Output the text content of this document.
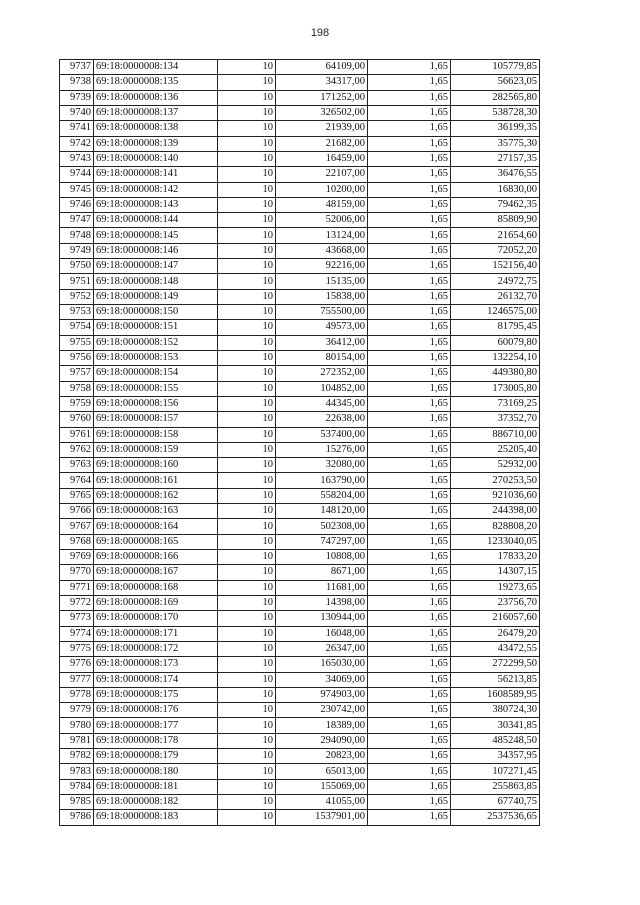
198
9737	69:18:0000008:134	10	64109,00	1,65	105779,85
9738	69:18:0000008:135	10	34317,00	1,65	56623,05
9739	69:18:0000008:136	10	171252,00	1,65	282565,80
9740	69:18:0000008:137	10	326502,00	1,65	538728,30
9741	69:18:0000008:138	10	21939,00	1,65	36199,35
9742	69:18:0000008:139	10	21682,00	1,65	35775,30
9743	69:18:0000008:140	10	16459,00	1,65	27157,35
9744	69:18:0000008:141	10	22107,00	1,65	36476,55
9745	69:18:0000008:142	10	10200,00	1,65	16830,00
9746	69:18:0000008:143	10	48159,00	1,65	79462,35
9747	69:18:0000008:144	10	52006,00	1,65	85809,90
9748	69:18:0000008:145	10	13124,00	1,65	21654,60
9749	69:18:0000008:146	10	43668,00	1,65	72052,20
9750	69:18:0000008:147	10	92216,00	1,65	152156,40
9751	69:18:0000008:148	10	15135,00	1,65	24972,75
9752	69:18:0000008:149	10	15838,00	1,65	26132,70
9753	69:18:0000008:150	10	755500,00	1,65	1246575,00
9754	69:18:0000008:151	10	49573,00	1,65	81795,45
9755	69:18:0000008:152	10	36412,00	1,65	60079,80
9756	69:18:0000008:153	10	80154,00	1,65	132254,10
9757	69:18:0000008:154	10	272352,00	1,65	449380,80
9758	69:18:0000008:155	10	104852,00	1,65	173005,80
9759	69:18:0000008:156	10	44345,00	1,65	73169,25
9760	69:18:0000008:157	10	22638,00	1,65	37352,70
9761	69:18:0000008:158	10	537400,00	1,65	886710,00
9762	69:18:0000008:159	10	15276,00	1,65	25205,40
9763	69:18:0000008:160	10	32080,00	1,65	52932,00
9764	69:18:0000008:161	10	163790,00	1,65	270253,50
9765	69:18:0000008:162	10	558204,00	1,65	921036,60
9766	69:18:0000008:163	10	148120,00	1,65	244398,00
9767	69:18:0000008:164	10	502308,00	1,65	828808,20
9768	69:18:0000008:165	10	747297,00	1,65	1233040,05
9769	69:18:0000008:166	10	10808,00	1,65	17833,20
9770	69:18:0000008:167	10	8671,00	1,65	14307,15
9771	69:18:0000008:168	10	11681,00	1,65	19273,65
9772	69:18:0000008:169	10	14398,00	1,65	23756,70
9773	69:18:0000008:170	10	130944,00	1,65	216057,60
9774	69:18:0000008:171	10	16048,00	1,65	26479,20
9775	69:18:0000008:172	10	26347,00	1,65	43472,55
9776	69:18:0000008:173	10	165030,00	1,65	272299,50
9777	69:18:0000008:174	10	34069,00	1,65	56213,85
9778	69:18:0000008:175	10	974903,00	1,65	1608589,95
9779	69:18:0000008:176	10	230742,00	1,65	380724,30
9780	69:18:0000008:177	10	18389,00	1,65	30341,85
9781	69:18:0000008:178	10	294090,00	1,65	485248,50
9782	69:18:0000008:179	10	20823,00	1,65	34357,95
9783	69:18:0000008:180	10	65013,00	1,65	107271,45
9784	69:18:0000008:181	10	155069,00	1,65	255863,85
9785	69:18:0000008:182	10	41055,00	1,65	67740,75
9786	69:18:0000008:183	10	1537901,00	1,65	2537536,65
